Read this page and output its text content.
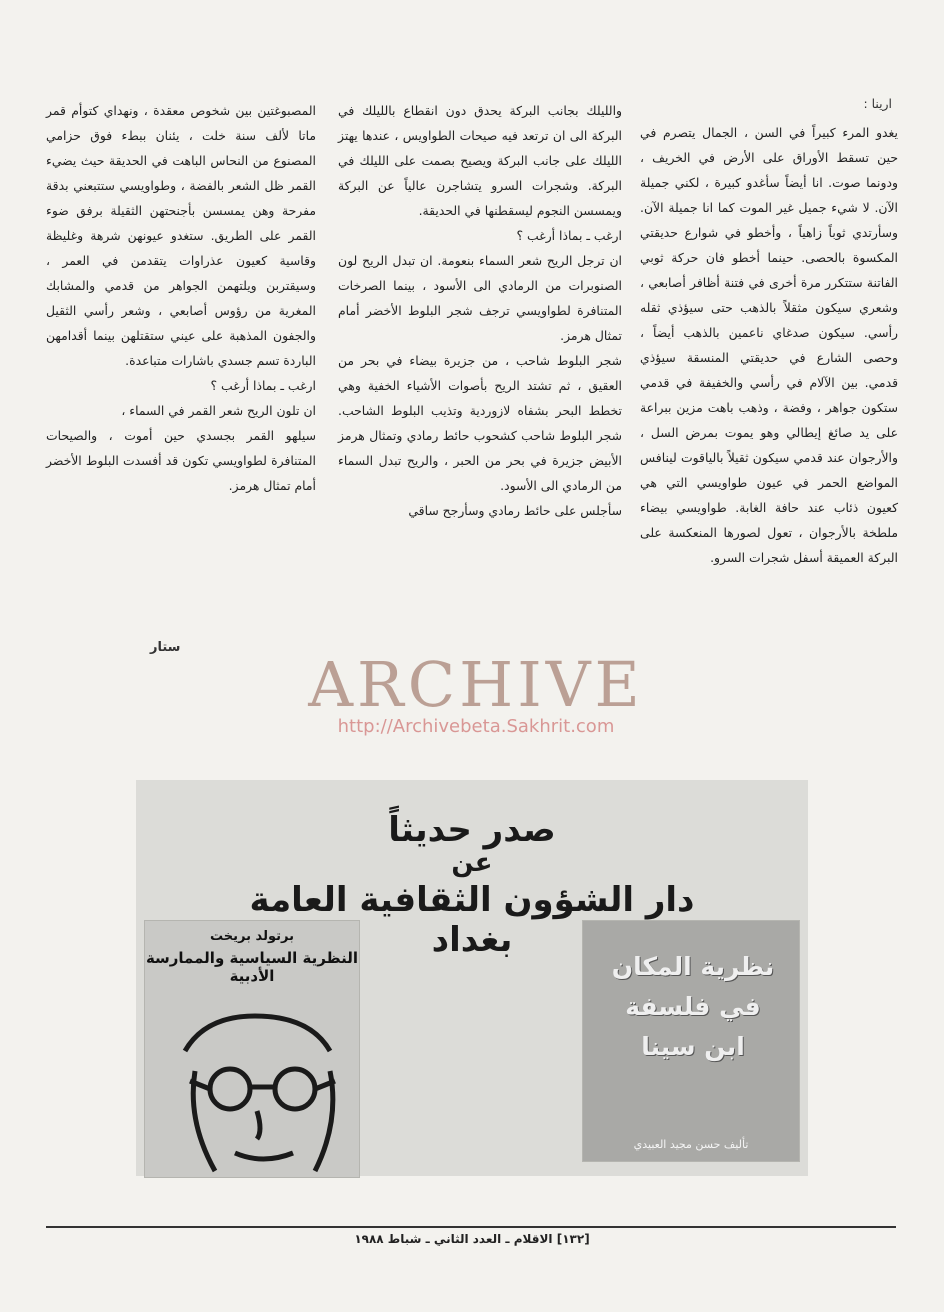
ارينا :

يغدو المرء كبيراً في السن ، الجمال يتصرم في حين تسقط الأوراق على الأرض في الخريف ، ودونما صوت. انا أيضاً سأغدو كبيرة ، لكني جميلة الآن. لا شيء جميل غير الموت كما انا جميلة الآن. وسأرتدي ثوباً زاهياً ، وأخطو في شوارع حديقتي المكسوة بالحصى. حينما أخطو فان حركة ثوبي الفاتنة ستتكرر مرة أخرى في فتنة أظافر أصابعي ، وشعري سيكون مثقلاً بالذهب حتى سيؤذي ثقله رأسي. سيكون صدغاي ناعمين بالذهب أيضاً ، وحصى الشارع في حديقتي المنسقة سيؤذي قدمي. بين الآلام في رأسي والخفيفة في قدمي ستكون جواهر ، وفضة ، وذهب باهت مزين ببراعة على يد صائغ إيطالي وهو يموت بمرض السل ، والأرجوان عند قدمي سيكون ثقيلاً بالياقوت لينافس المواضع الحمر في عيون طواويسي التي هي كعيون ذئاب عند حافة الغابة. طواويسي بيضاء ملطخة بالأرجوان ، تعول لصورها المنعكسة على البركة العميقة أسفل شجرات السرو.

والليلك بجانب البركة يحدق دون انقطاع بالليلك في البركة الى ان ترتعد فيه صيحات الطواويس ، عندها يهتز الليلك على جانب البركة ويصيح بصمت على الليلك في البركة. وشجرات السرو يتشاجرن عالياً عن البركة ويمسسن النجوم ليسقطنها في الحديقة.

ارغب ـ بماذا أرغب ؟

ان ترجل الريح شعر السماء بنعومة. ان تبدل الريح لون الصنوبرات من الرمادي الى الأسود ، بينما الصرخات المتنافرة لطواويسي ترجف شجر البلوط الأخضر أمام تمثال هرمز.

شجر البلوط شاحب ، من جزيرة بيضاء في بحر من العقيق ، ثم تشتد الريح بأصوات الأشياء الخفية وهي تخطط البحر بشفاه لازوردية وتذيب البلوط الشاحب. شجر البلوط شاحب كشحوب حائط رمادي وتمثال هرمز الأبيض جزيرة في بحر من الحبر ، والريح تبدل السماء من الرمادي الى الأسود.

سأجلس على حائط رمادي وسأرجح ساقي

المصبوغتين بين شخوص معقدة ، ونهداي كتوأم قمر ماتا لألف سنة خلت ، يئنان ببطء فوق حزامي المصنوع من النحاس الباهت في الحديقة حيث يضيء القمر ظل الشعر بالفضة ، وطواويسي ستتبعني بدقة مفرحة وهن يمسسن بأجنحتهن الثقيلة برفق ضوء القمر على الطريق. ستغدو عيونهن شرهة وغليظة وقاسية كعيون عذراوات يتقدمن في العمر ، وسيقتربن ويلتهمن الجواهر من قدمي والمشابك المغرية من رؤوس أصابعي ، وشعر رأسي الثقيل والجفون المذهبة على عيني ستقتلهن بينما أقدامهن الباردة تسم جسدي باشارات متباعدة.

ارغب ـ بماذا أرغب ؟

ان تلون الريح شعر القمر في السماء ،

سيلهو القمر بجسدي حين أموت ، والصيحات المتنافرة لطواويسي تكون قد أفسدت البلوط الأخضر أمام تمثال هرمز.

ستار
ARCHIVE
http://Archivebeta.Sakhrit.com
صدر حديثاً
عن
دار الشؤون الثقافية العامة
بغداد
برتولد بريخت
النظرية السياسية والممارسة الأدبية	نظرية المكان في فلسفة ابن سينا
تأليف حسن مجيد العبيدي
[١٣٢] الاقلام ـ العدد الثاني ـ شباط ١٩٨٨
